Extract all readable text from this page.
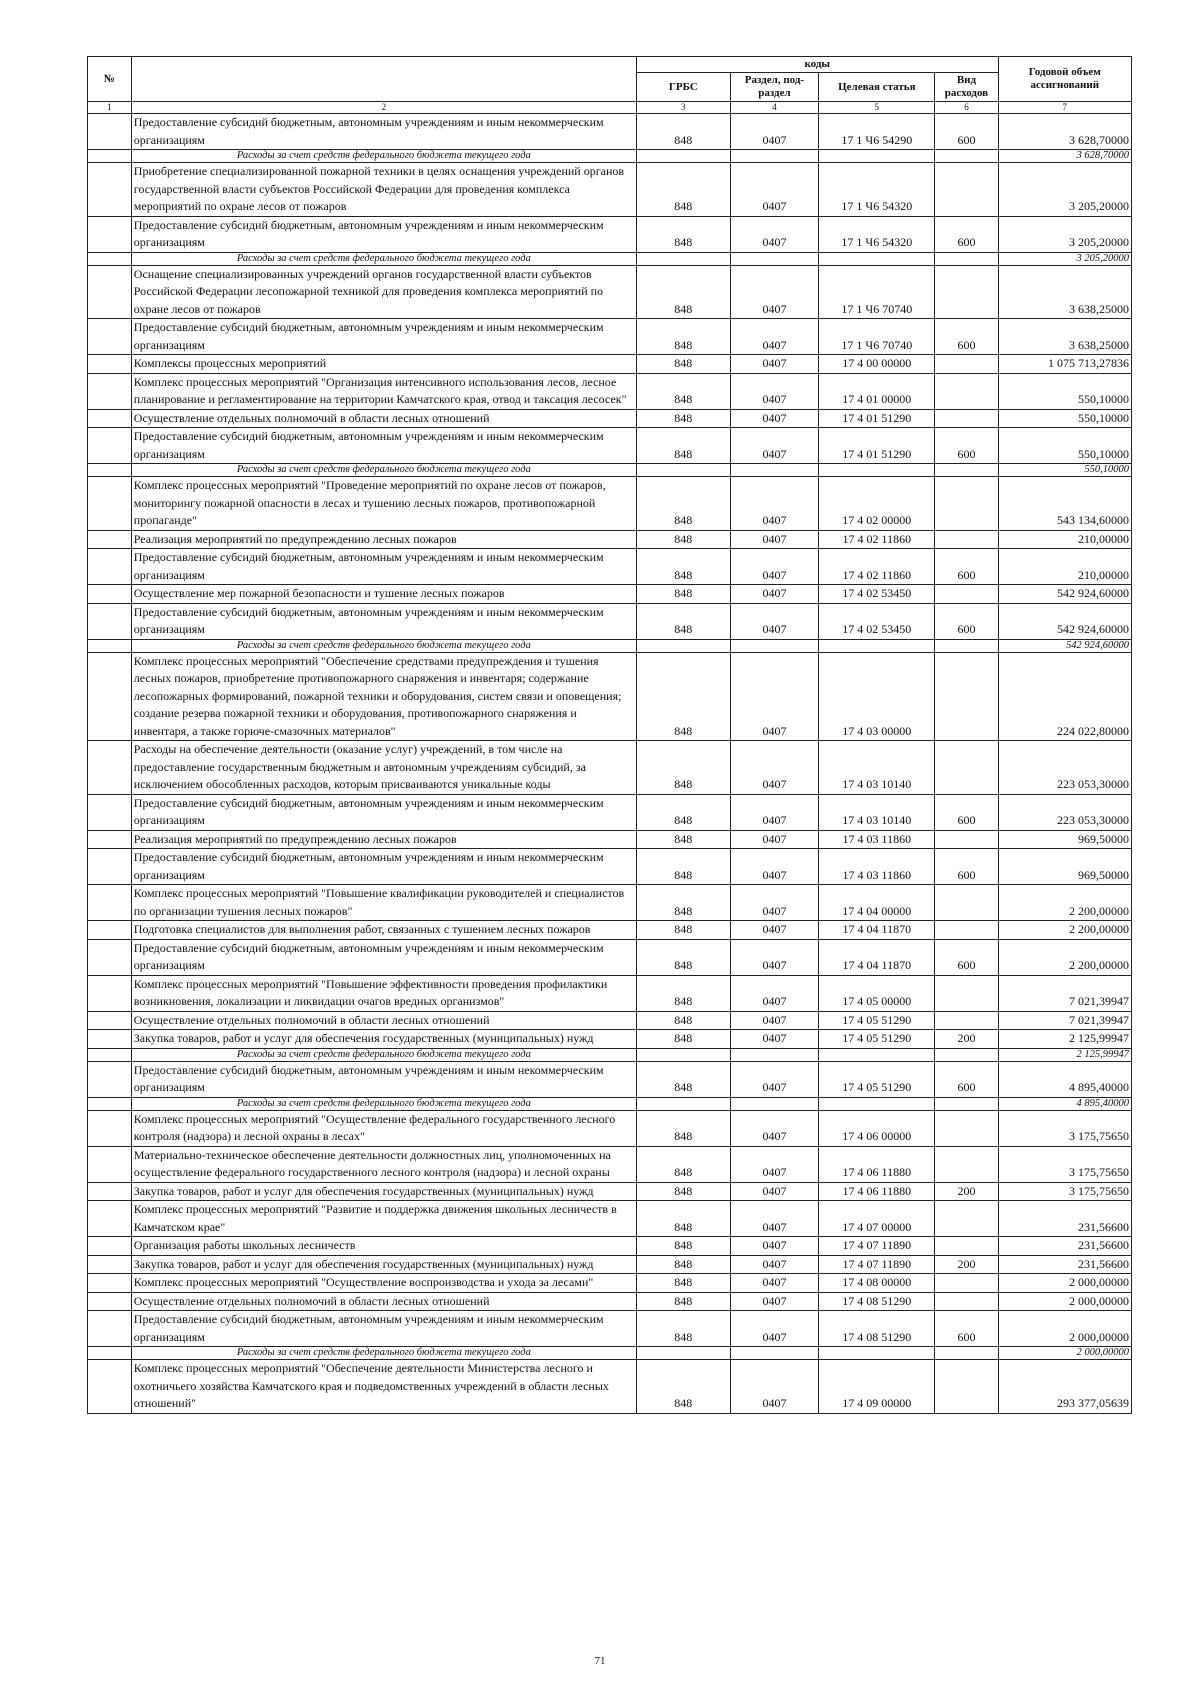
№		коды				Годовой объем ассигнований
		ГРБС	Раздел, под-раздел	Целевая статья	Вид расходов	
1	2	3	4	5	6	7
	Предоставление субсидий бюджетным, автономным учреждениям и иным некоммерческим организациям	848	0407	17 1 Ч6 54290	600	3 628,70000
	Расходы за счет средств федерального бюджета текущего года					3 628,70000
	Приобретение специализированной пожарной техники в целях оснащения учреждений органов государственной власти субъектов Российской Федерации для проведения комплекса мероприятий по охране лесов от пожаров	848	0407	17 1 Ч6 54320		3 205,20000
	Предоставление субсидий бюджетным, автономным учреждениям и иным некоммерческим организациям	848	0407	17 1 Ч6 54320	600	3 205,20000
	Расходы за счет средств федерального бюджета текущего года					3 205,20000
	Оснащение специализированных учреждений органов государственной власти субъектов Российской Федерации лесопожарной техникой для проведения комплекса мероприятий по охране лесов от пожаров	848	0407	17 1 Ч6 70740		3 638,25000
	Предоставление субсидий бюджетным, автономным учреждениям и иным некоммерческим организациям	848	0407	17 1 Ч6 70740	600	3 638,25000
	Комплексы процессных мероприятий	848	0407	17 4 00 00000		1 075 713,27836
	Комплекс процессных мероприятий "Организация интенсивного использования лесов, лесное планирование и регламентирование на территории Камчатского края, отвод и таксация лесосек"	848	0407	17 4 01 00000		550,10000
	Осуществление отдельных полномочий в области лесных отношений	848	0407	17 4 01 51290		550,10000
	Предоставление субсидий бюджетным, автономным учреждениям и иным некоммерческим организациям	848	0407	17 4 01 51290	600	550,10000
	Расходы за счет средств федерального бюджета текущего года					550,10000
	Комплекс процессных мероприятий "Проведение мероприятий по охране лесов от пожаров, мониторингу пожарной опасности в лесах и тушению лесных пожаров, противопожарной пропаганде"	848	0407	17 4 02 00000		543 134,60000
	Реализация мероприятий по предупреждению лесных пожаров	848	0407	17 4 02 11860		210,00000
	Предоставление субсидий бюджетным, автономным учреждениям и иным некоммерческим организациям	848	0407	17 4 02 11860	600	210,00000
	Осуществление мер пожарной безопасности и тушение лесных пожаров	848	0407	17 4 02 53450		542 924,60000
	Предоставление субсидий бюджетным, автономным учреждениям и иным некоммерческим организациям	848	0407	17 4 02 53450	600	542 924,60000
	Расходы за счет средств федерального бюджета текущего года					542 924,60000
	Комплекс процессных мероприятий "Обеспечение средствами предупреждения и тушения лесных пожаров, приобретение противопожарного снаряжения и инвентаря; содержание лесопожарных формирований, пожарной техники и оборудования, систем связи и оповещения; создание резерва пожарной техники и оборудования, противопожарного снаряжения и инвентаря, а также горюче-смазочных материалов"	848	0407	17 4 03 00000		224 022,80000
	Расходы на обеспечение деятельности (оказание услуг) учреждений, в том числе на предоставление государственным бюджетным и автономным учреждениям субсидий, за исключением обособленных расходов, которым присваиваются уникальные коды	848	0407	17 4 03 10140		223 053,30000
	Предоставление субсидий бюджетным, автономным учреждениям и иным некоммерческим организациям	848	0407	17 4 03 10140	600	223 053,30000
	Реализация мероприятий по предупреждению лесных пожаров	848	0407	17 4 03 11860		969,50000
	Предоставление субсидий бюджетным, автономным учреждениям и иным некоммерческим организациям	848	0407	17 4 03 11860	600	969,50000
	Комплекс процессных мероприятий "Повышение квалификации руководителей и специалистов по организации тушения лесных пожаров"	848	0407	17 4 04 00000		2 200,00000
	Подготовка специалистов для выполнения работ, связанных с тушением лесных пожаров	848	0407	17 4 04 11870		2 200,00000
	Предоставление субсидий бюджетным, автономным учреждениям и иным некоммерческим организациям	848	0407	17 4 04 11870	600	2 200,00000
	Комплекс процессных мероприятий "Повышение эффективности проведения профилактики возникновения, локализации и ликвидации очагов вредных организмов"	848	0407	17 4 05 00000		7 021,39947
	Осуществление отдельных полномочий в области лесных отношений	848	0407	17 4 05 51290		7 021,39947
	Закупка товаров, работ и услуг для обеспечения государственных (муниципальных) нужд	848	0407	17 4 05 51290	200	2 125,99947
	Расходы за счет средств федерального бюджета текущего года					2 125,99947
	Предоставление субсидий бюджетным, автономным учреждениям и иным некоммерческим организациям	848	0407	17 4 05 51290	600	4 895,40000
	Расходы за счет средств федерального бюджета текущего года					4 895,40000
	Комплекс процессных мероприятий "Осуществление федерального государственного лесного контроля (надзора) и лесной охраны в лесах"	848	0407	17 4 06 00000		3 175,75650
	Материально-техническое обеспечение деятельности должностных лиц, уполномоченных на осуществление федерального государственного лесного контроля (надзора) и лесной охраны	848	0407	17 4 06 11880		3 175,75650
	Закупка товаров, работ и услуг для обеспечения государственных (муниципальных) нужд	848	0407	17 4 06 11880	200	3 175,75650
	Комплекс процессных мероприятий "Развитие и поддержка движения школьных лесничеств в Камчатском крае"	848	0407	17 4 07 00000		231,56600
	Организация работы школьных лесничеств	848	0407	17 4 07 11890		231,56600
	Закупка товаров, работ и услуг для обеспечения государственных (муниципальных) нужд	848	0407	17 4 07 11890	200	231,56600
	Комплекс процессных мероприятий "Осуществление воспроизводства и ухода за лесами"	848	0407	17 4 08 00000		2 000,00000
	Осуществление отдельных полномочий в области лесных отношений	848	0407	17 4 08 51290		2 000,00000
	Предоставление субсидий бюджетным, автономным учреждениям и иным некоммерческим организациям	848	0407	17 4 08 51290	600	2 000,00000
	Расходы за счет средств федерального бюджета текущего года					2 000,00000
	Комплекс процессных мероприятий "Обеспечение деятельности Министерства лесного и охотничьего хозяйства Камчатского края и подведомственных учреждений в области лесных отношений"	848	0407	17 4 09 00000		293 377,05639
71
